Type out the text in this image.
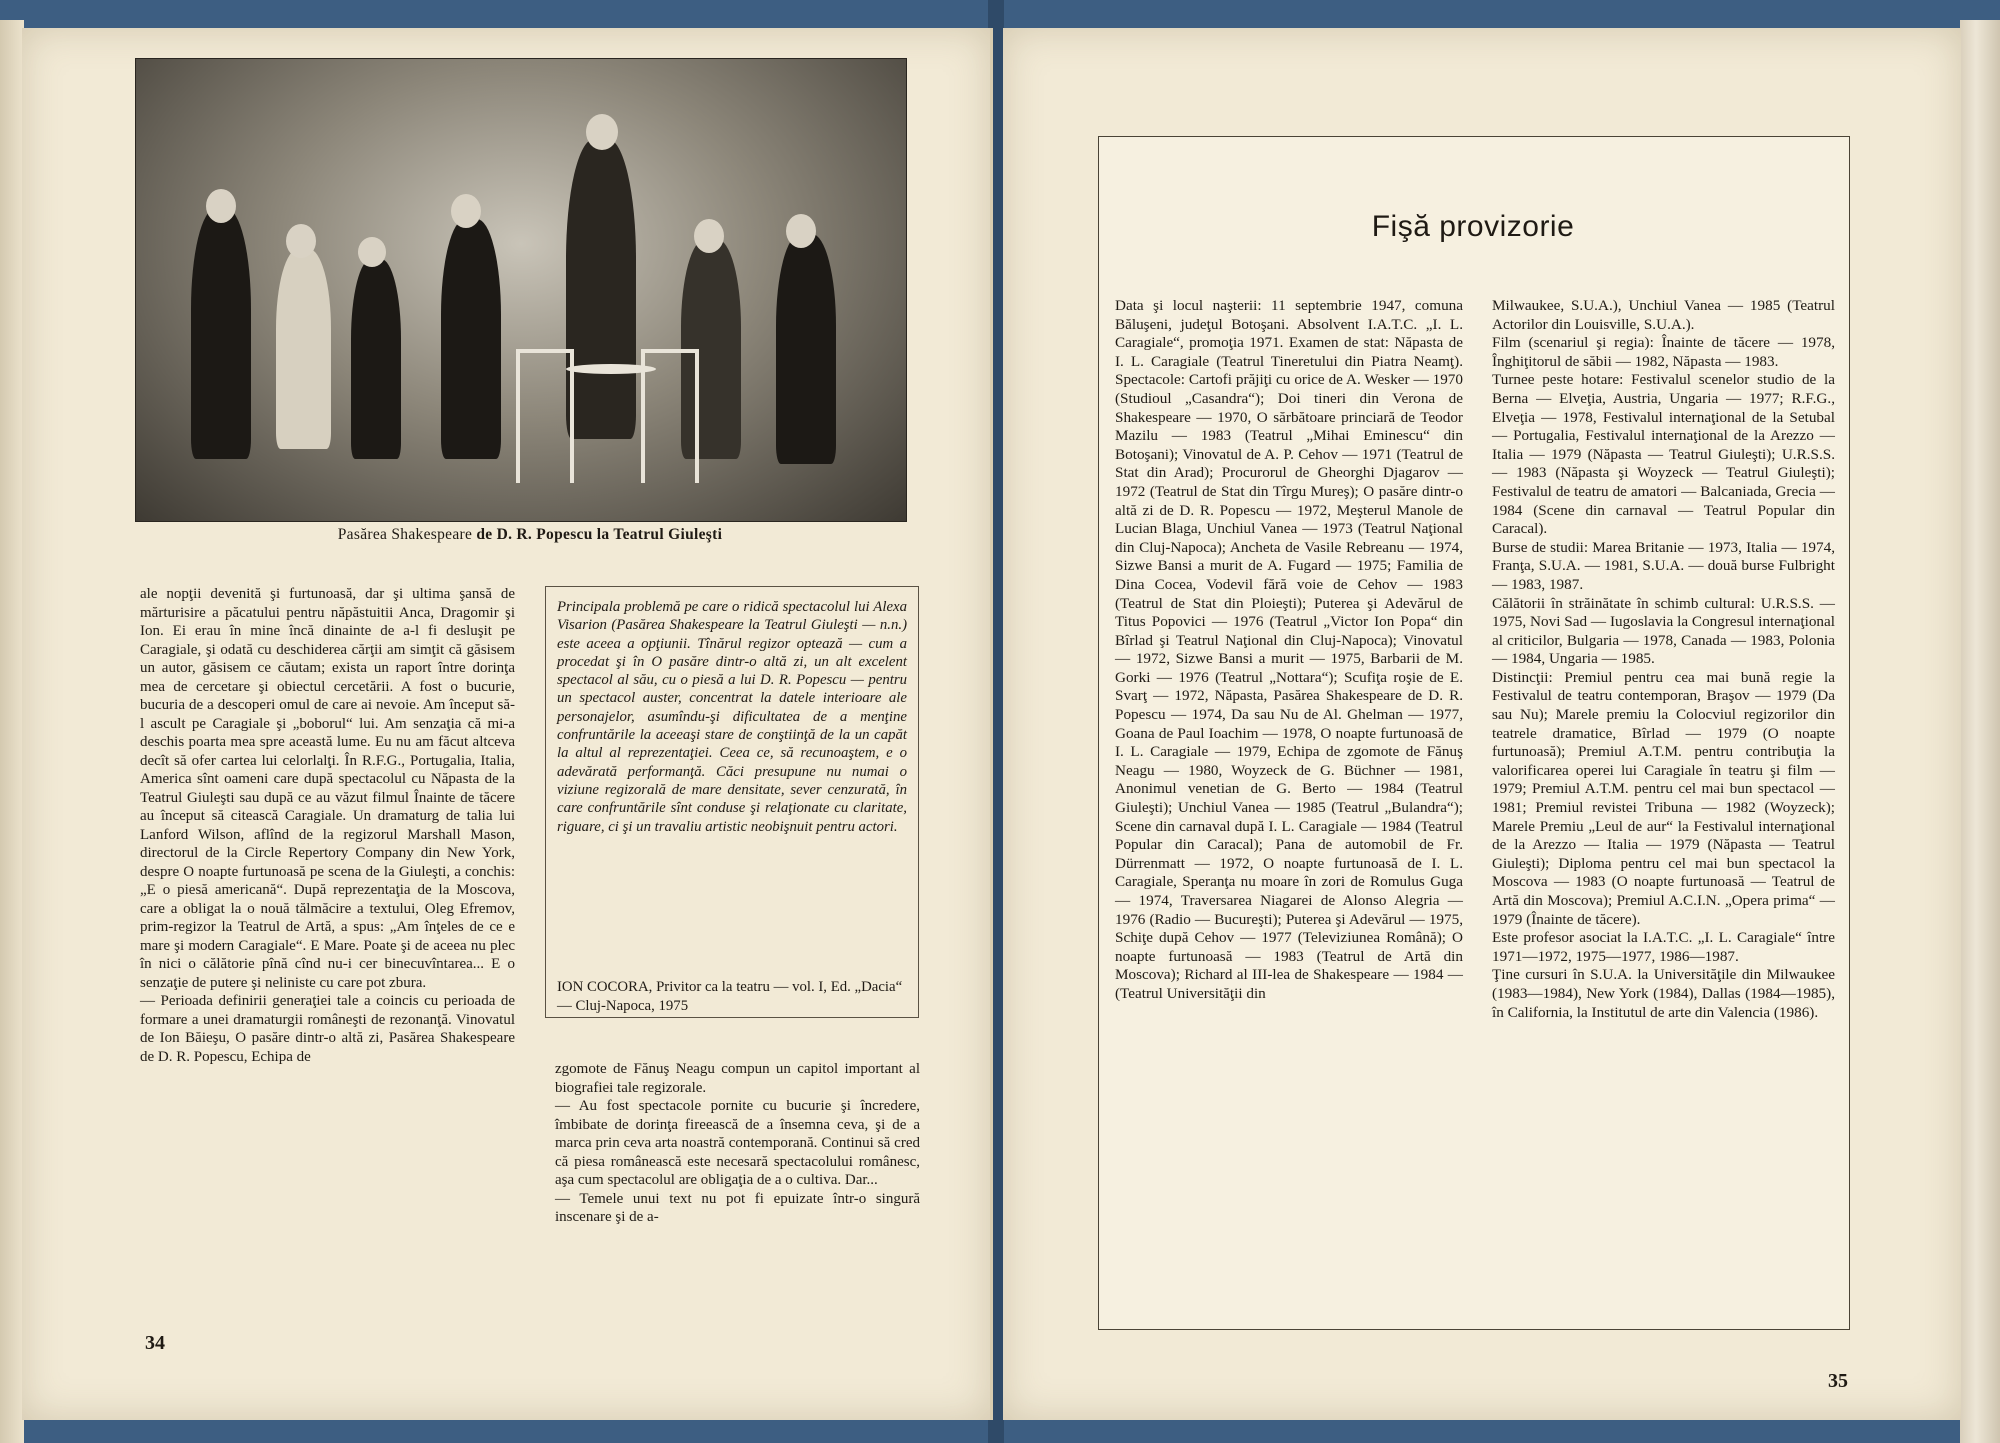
Pasărea Shakespeare de D. R. Popescu la Teatrul Giuleşti
ale nopţii devenită şi furtunoasă, dar şi ultima şansă de mărturisire a păcatului pentru năpăstuitii Anca, Dragomir şi Ion. Ei erau în mine încă dinainte de a-l fi desluşit pe Caragiale, şi odată cu deschiderea cărţii am simţit că găsisem un autor, găsisem ce căutam; exista un raport între dorinţa mea de cercetare şi obiectul cercetării. A fost o bucurie, bucuria de a descoperi omul de care ai nevoie. Am început să-l ascult pe Caragiale şi „boborul“ lui. Am senzaţia că mi-a deschis poarta mea spre această lume. Eu nu am făcut altceva decît să ofer cartea lui celorlalţi. În R.F.G., Portugalia, Italia, America sînt oameni care după spectacolul cu Năpasta de la Teatrul Giuleşti sau după ce au văzut filmul Înainte de tăcere au început să citească Caragiale. Un dramaturg de talia lui Lanford Wilson, aflînd de la regizorul Marshall Mason, directorul de la Circle Repertory Company din New York, despre O noapte furtunoasă pe scena de la Giuleşti, a conchis: „E o piesă americană“. După reprezentaţia de la Moscova, care a obligat la o nouă tălmăcire a textului, Oleg Efremov, prim-regizor la Teatrul de Artă, a spus: „Am înţeles de ce e mare şi modern Caragiale“. E Mare. Poate şi de aceea nu plec în nici o călătorie pînă cînd nu-i cer binecuvîntarea... E o senzaţie de putere şi neliniste cu care pot zbura.
— Perioada definirii generaţiei tale a coincis cu perioada de formare a unei dramaturgii româneşti de rezonanţă. Vinovatul de Ion Băieşu, O pasăre dintr-o altă zi, Pasărea Shakespeare de D. R. Popescu, Echipa de
Principala problemă pe care o ridică spectacolul lui Alexa Visarion (Pasărea Shakespeare la Teatrul Giuleşti — n.n.) este aceea a opţiunii. Tînărul regizor optează — cum a procedat şi în O pasăre dintr-o altă zi, un alt excelent spectacol al său, cu o piesă a lui D. R. Popescu — pentru un spectacol auster, concentrat la datele interioare ale personajelor, asumîndu-şi dificultatea de a menţine confruntările la aceeaşi stare de conştiinţă de la un capăt la altul al reprezentaţiei. Ceea ce, să recunoaştem, e o adevărată performanţă. Căci presupune nu numai o viziune regizorală de mare densitate, sever cenzurată, în care confruntările sînt conduse şi relaţionate cu claritate, riguare, ci şi un travaliu artistic neobişnuit pentru actori.
ION COCORA, Privitor ca la teatru — vol. I, Ed. „Dacia“ — Cluj-Napoca, 1975
zgomote de Fănuş Neagu compun un capitol important al biografiei tale regizorale.
— Au fost spectacole pornite cu bucurie şi încredere, îmbibate de dorinţa fireească de a însemna ceva, şi de a marca prin ceva arta noastră contemporană. Continui să cred că piesa românească este necesară spectacolului românesc, aşa cum spectacolul are obligaţia de a o cultiva. Dar...
— Temele unui text nu pot fi epuizate într-o singură inscenare şi de a-
34
Fişă provizorie
Data şi locul naşterii: 11 septembrie 1947, comuna Băluşeni, judeţul Botoşani. Absolvent I.A.T.C. „I. L. Caragiale“, promoţia 1971. Examen de stat: Năpasta de I. L. Caragiale (Teatrul Tineretului din Piatra Neamţ). Spectacole: Cartofi prăjiţi cu orice de A. Wesker — 1970 (Studioul „Casandra“); Doi tineri din Verona de Shakespeare — 1970, O sărbătoare princiară de Teodor Mazilu — 1983 (Teatrul „Mihai Eminescu“ din Botoşani); Vinovatul de A. P. Cehov — 1971 (Teatrul de Stat din Arad); Procurorul de Gheorghi Djagarov — 1972 (Teatrul de Stat din Tîrgu Mureş); O pasăre dintr-o altă zi de D. R. Popescu — 1972, Meşterul Manole de Lucian Blaga, Unchiul Vanea — 1973 (Teatrul Naţional din Cluj-Napoca); Ancheta de Vasile Rebreanu — 1974, Sizwe Bansi a murit de A. Fugard — 1975; Familia de Dina Cocea, Vodevil fără voie de Cehov — 1983 (Teatrul de Stat din Ploieşti); Puterea şi Adevărul de Titus Popovici — 1976 (Teatrul „Victor Ion Popa“ din Bîrlad şi Teatrul Naţional din Cluj-Napoca); Vinovatul — 1972, Sizwe Bansi a murit — 1975, Barbarii de M. Gorki — 1976 (Teatrul „Nottara“); Scufiţa roşie de E. Svarţ — 1972, Năpasta, Pasărea Shakespeare de D. R. Popescu — 1974, Da sau Nu de Al. Ghelman — 1977, Goana de Paul Ioachim — 1978, O noapte furtunoasă de I. L. Caragiale — 1979, Echipa de zgomote de Fănuş Neagu — 1980, Woyzeck de G. Büchner — 1981, Anonimul venetian de G. Berto — 1984 (Teatrul Giuleşti); Unchiul Vanea — 1985 (Teatrul „Bulandra“); Scene din carnaval după I. L. Caragiale — 1984 (Teatrul Popular din Caracal); Pana de automobil de Fr. Dürrenmatt — 1972, O noapte furtunoasă de I. L. Caragiale, Speranţa nu moare în zori de Romulus Guga — 1974, Traversarea Niagarei de Alonso Alegria — 1976 (Radio — Bucureşti); Puterea şi Adevărul — 1975, Schiţe după Cehov — 1977 (Televiziunea Română); O noapte furtunoasă — 1983 (Teatrul de Artă din Moscova); Richard al III-lea de Shakespeare — 1984 — (Teatrul Universităţii din
Milwaukee, S.U.A.), Unchiul Vanea — 1985 (Teatrul Actorilor din Louisville, S.U.A.).
Film (scenariul şi regia): Înainte de tăcere — 1978, Înghiţitorul de săbii — 1982, Năpasta — 1983.
Turnee peste hotare: Festivalul scenelor studio de la Berna — Elveţia, Austria, Ungaria — 1977; R.F.G., Elveţia — 1978, Festivalul internaţional de la Setubal — Portugalia, Festivalul internaţional de la Arezzo — Italia — 1979 (Năpasta — Teatrul Giuleşti); U.R.S.S. — 1983 (Năpasta şi Woyzeck — Teatrul Giuleşti); Festivalul de teatru de amatori — Balcaniada, Grecia — 1984 (Scene din carnaval — Teatrul Popular din Caracal).
Burse de studii: Marea Britanie — 1973, Italia — 1974, Franţa, S.U.A. — 1981, S.U.A. — două burse Fulbright — 1983, 1987.
Călătorii în străinătate în schimb cultural: U.R.S.S. — 1975, Novi Sad — Iugoslavia la Congresul internaţional al criticilor, Bulgaria — 1978, Canada — 1983, Polonia — 1984, Ungaria — 1985.
Distincţii: Premiul pentru cea mai bună regie la Festivalul de teatru contemporan, Braşov — 1979 (Da sau Nu); Marele premiu la Colocviul regizorilor din teatrele dramatice, Bîrlad — 1979 (O noapte furtunoasă); Premiul A.T.M. pentru contribuţia la valorificarea operei lui Caragiale în teatru şi film — 1979; Premiul A.T.M. pentru cel mai bun spectacol — 1981; Premiul revistei Tribuna — 1982 (Woyzeck); Marele Premiu „Leul de aur“ la Festivalul internaţional de la Arezzo — Italia — 1979 (Năpasta — Teatrul Giuleşti); Diploma pentru cel mai bun spectacol la Moscova — 1983 (O noapte furtunoasă — Teatrul de Artă din Moscova); Premiul A.C.I.N. „Opera prima“ — 1979 (Înainte de tăcere).
Este profesor asociat la I.A.T.C. „I. L. Caragiale“ între 1971—1972, 1975—1977, 1986—1987.
Ţine cursuri în S.U.A. la Universităţile din Milwaukee (1983—1984), New York (1984), Dallas (1984—1985), în California, la Institutul de arte din Valencia (1986).
35
